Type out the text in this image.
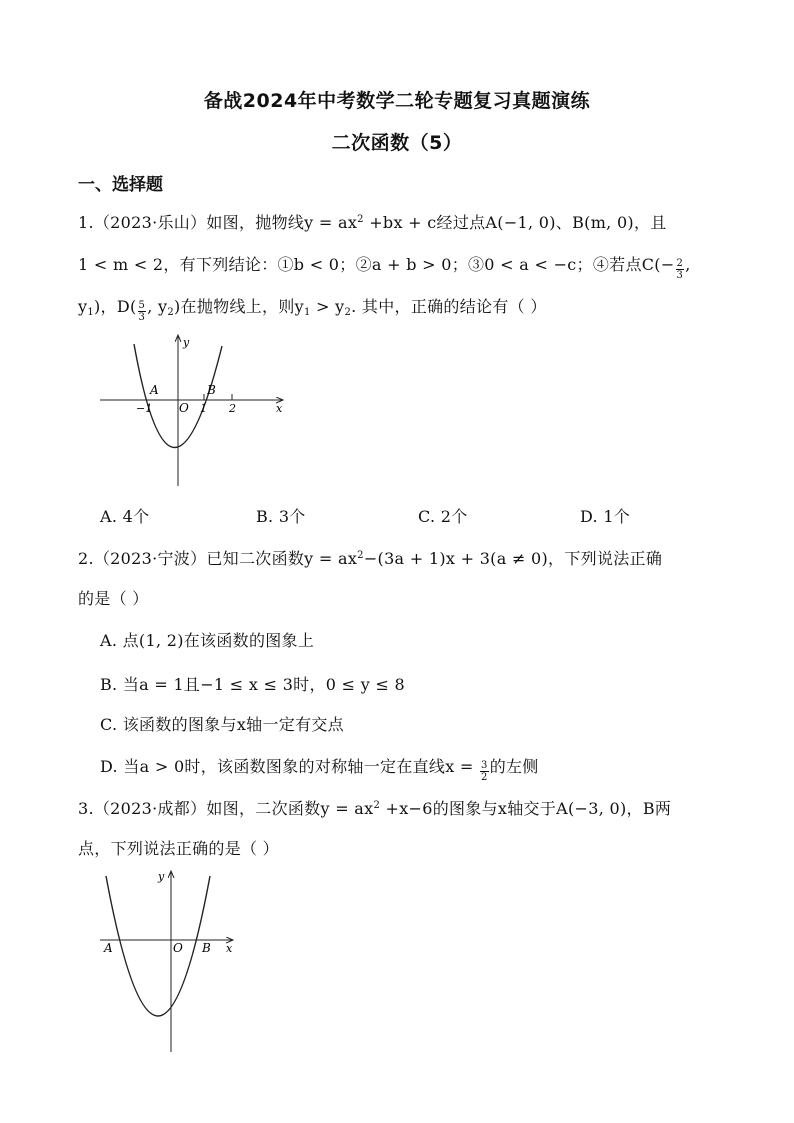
备战2024年中考数学二轮专题复习真题演练
二次函数（5）
一、选择题
1.（2023·乐山）如图，抛物线$y = ax^2 +bx + c$经过点A(−1, 0)、B(m, 0)，且
1 < m < 2，有下列结论：①b < 0；②a + b > 0；③0 < a < −c；④若点$C(- \frac{2}{3}$ ,
$y_1$)，$D( \frac{5}{3}$ , $y_2$)在抛物线上，则$y_1 > y_2$. 其中，正确的结论有（ ）
y
x
A	B
O
−1	1 2
A. 4个	B. 3个	C. 2个	D. 1个
2.（2023·宁波）已知二次函数$y = ax^2-(3a + 1)x + 3(a \ne 0)$，下列说法正确
的是（ ）
A. 点(1, 2)在该函数的图象上
B. 当a = 1且−1 ≤ x ≤ 3时，0 ≤ y ≤ 8
C. 该函数的图象与x轴一定有交点
D. 当a > 0时，该函数图象的对称轴一定在直线$x = \frac{3}{2}$ 的左侧
3.（2023·成都）如图，二次函数$y = ax^2 +x-6$的图象与x轴交于A(−3, 0)，B两
点，下列说法正确的是（ ）
y
x
A	B
O
